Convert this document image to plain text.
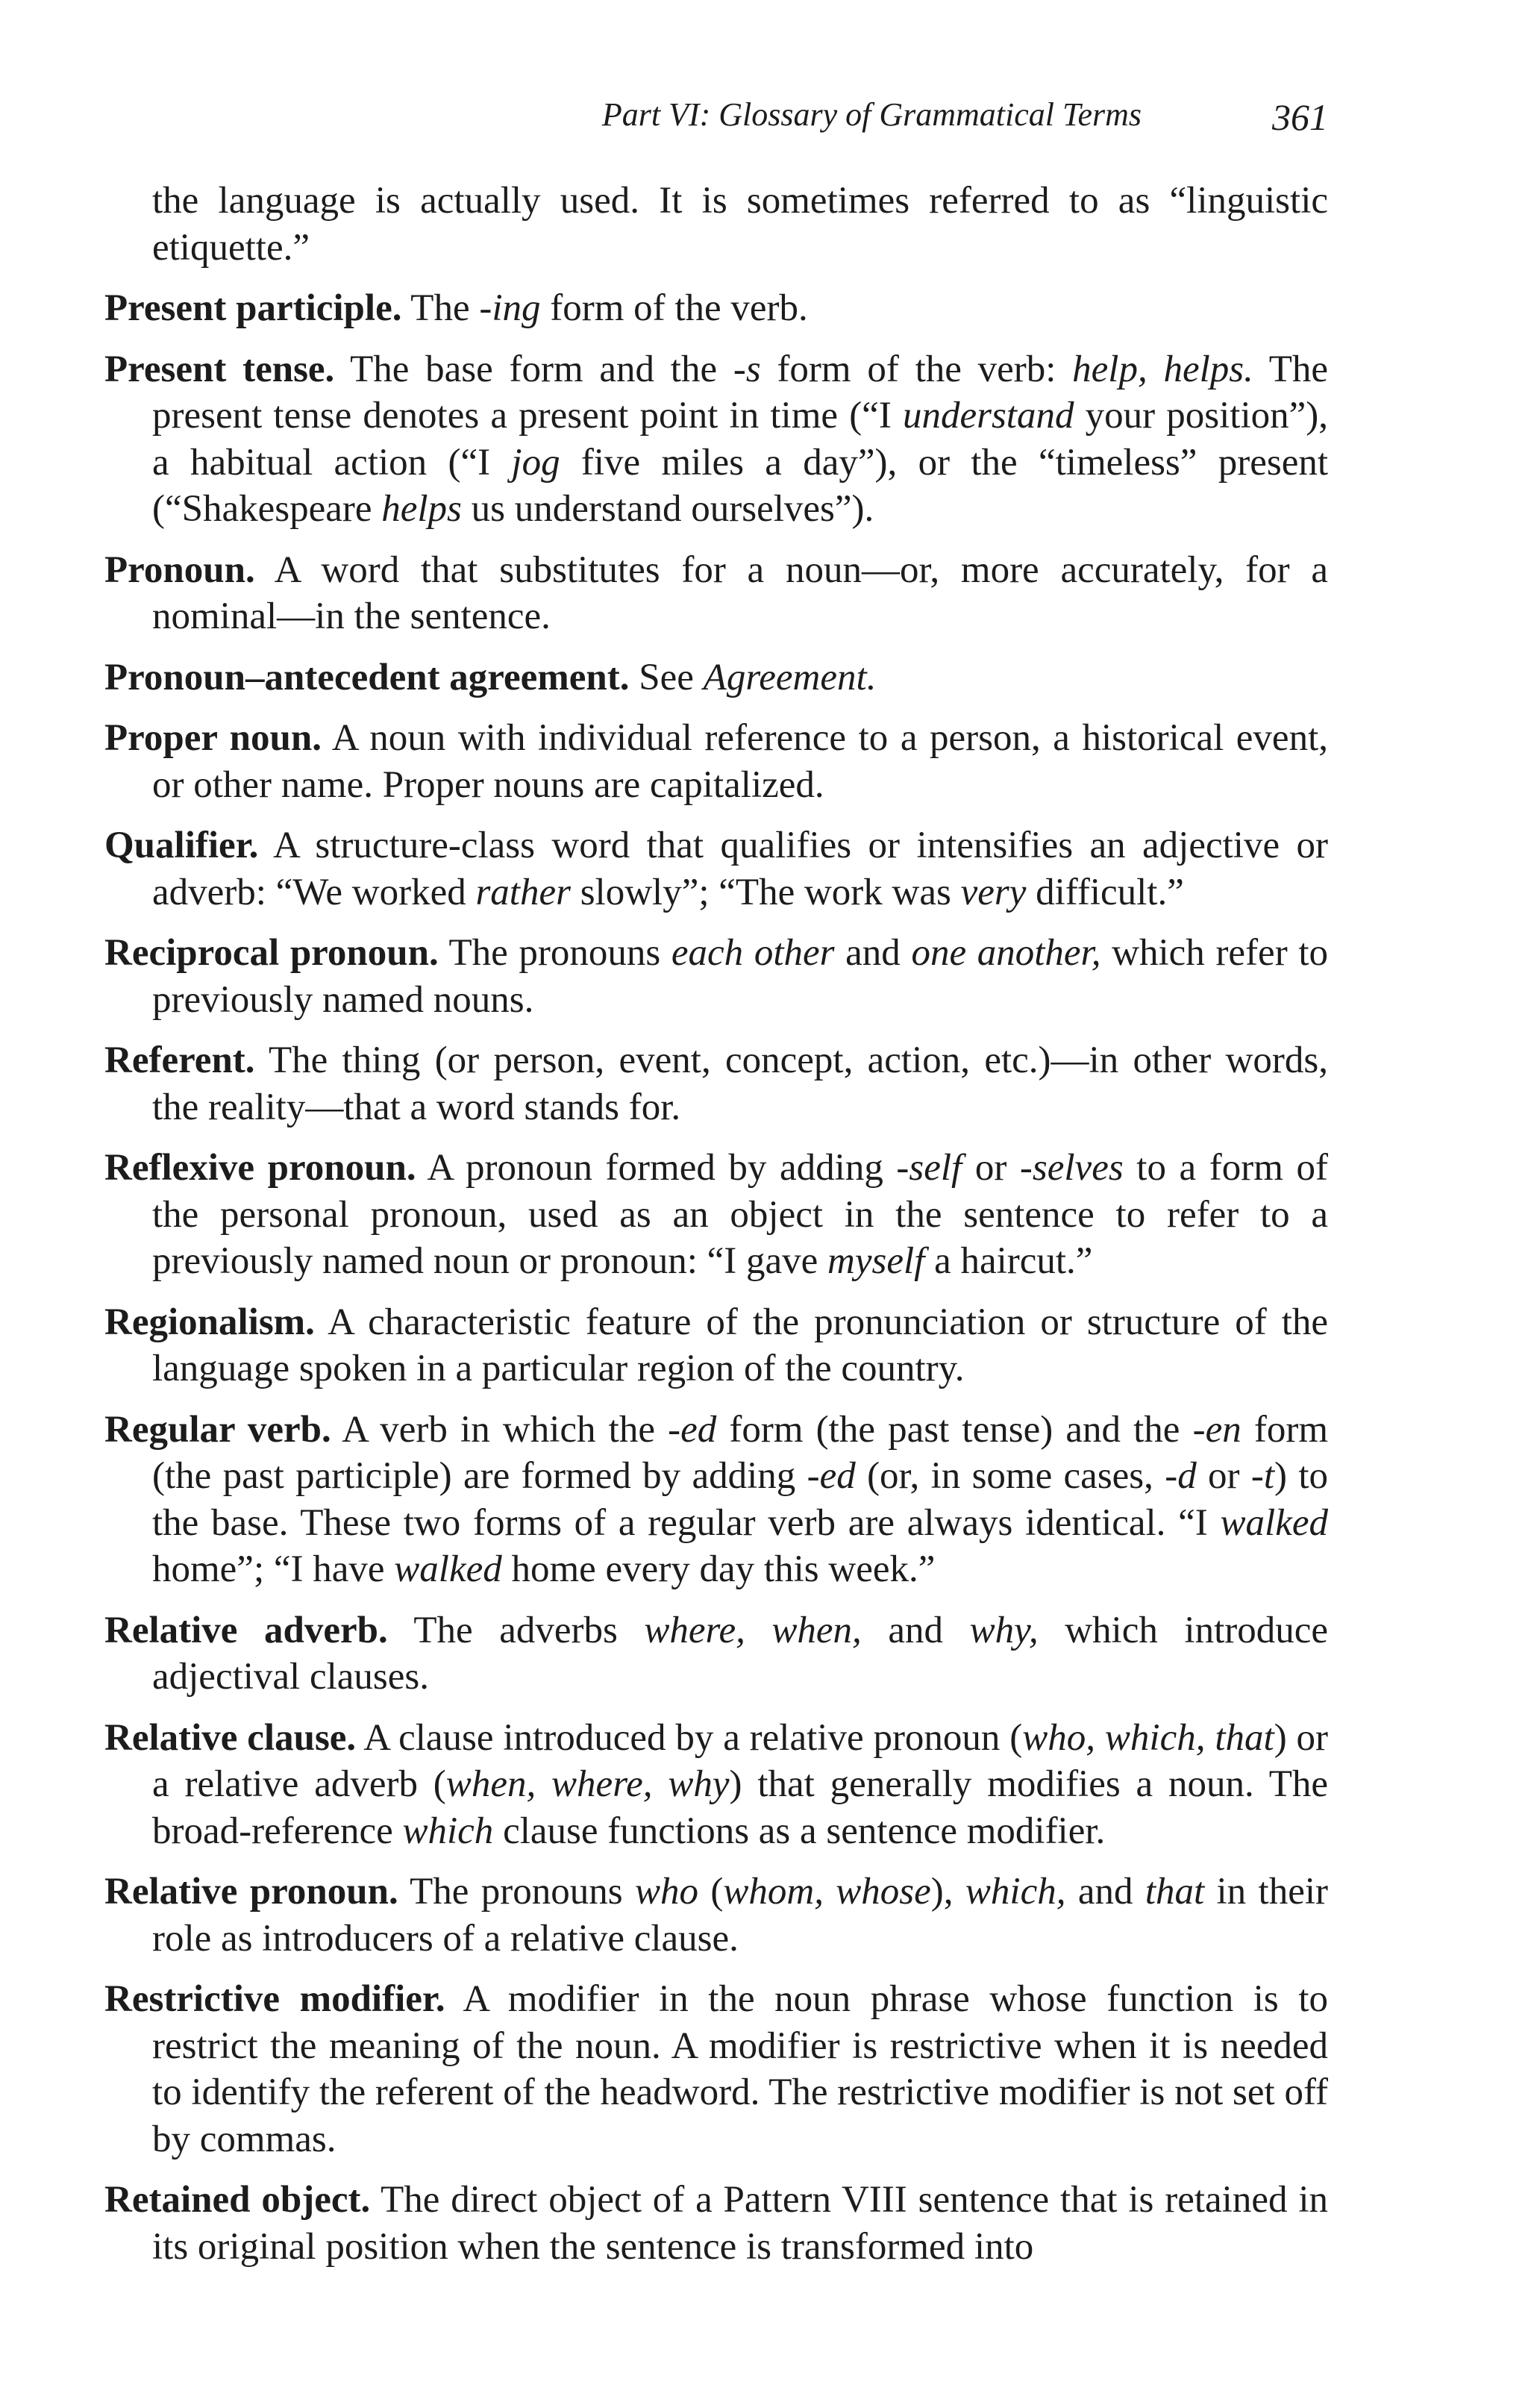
Part VI: Glossary of Grammatical Terms	361

the language is actually used. It is sometimes referred to as “linguistic etiquette.”

Present participle. The -ing form of the verb.

Present tense. The base form and the -s form of the verb: help, helps. The present tense denotes a present point in time (“I understand your position”), a habitual action (“I jog five miles a day”), or the “timeless” present (“Shakespeare helps us understand ourselves”).

Pronoun. A word that substitutes for a noun—or, more accurately, for a nominal—in the sentence.

Pronoun–antecedent agreement. See Agreement.

Proper noun. A noun with individual reference to a person, a historical event, or other name. Proper nouns are capitalized.

Qualifier. A structure-class word that qualifies or intensifies an adjective or adverb: “We worked rather slowly”; “The work was very difficult.”

Reciprocal pronoun. The pronouns each other and one another, which refer to previously named nouns.

Referent. The thing (or person, event, concept, action, etc.)—in other words, the reality—that a word stands for.

Reflexive pronoun. A pronoun formed by adding -self or -selves to a form of the personal pronoun, used as an object in the sentence to refer to a previously named noun or pronoun: “I gave myself a haircut.”

Regionalism. A characteristic feature of the pronunciation or structure of the language spoken in a particular region of the country.

Regular verb. A verb in which the -ed form (the past tense) and the -en form (the past participle) are formed by adding -ed (or, in some cases, -d or -t) to the base. These two forms of a regular verb are always identical. “I walked home”; “I have walked home every day this week.”

Relative adverb. The adverbs where, when, and why, which introduce adjectival clauses.

Relative clause. A clause introduced by a relative pronoun (who, which, that) or a relative adverb (when, where, why) that generally modifies a noun. The broad-reference which clause functions as a sentence modifier.

Relative pronoun. The pronouns who (whom, whose), which, and that in their role as introducers of a relative clause.

Restrictive modifier. A modifier in the noun phrase whose function is to restrict the meaning of the noun. A modifier is restrictive when it is needed to identify the referent of the headword. The restrictive modifier is not set off by commas.

Retained object. The direct object of a Pattern VIII sentence that is retained in its original position when the sentence is transformed into
